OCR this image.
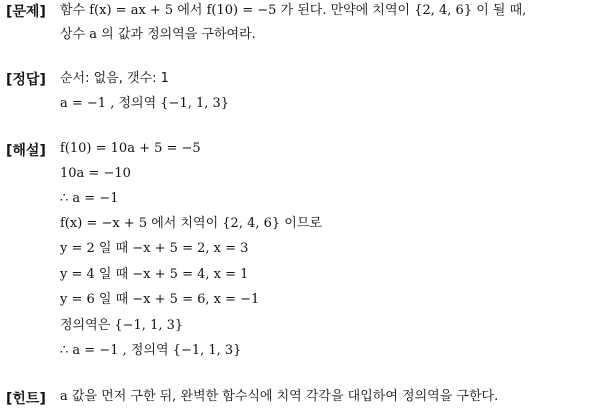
[문제] 함수 f(x) = ax + 5 에서 f(10) = −5 가 된다. 만약에 치역이 {2, 4, 6} 이 될 때,
상수 a 의 값과 정의역을 구하여라.
[정답] 순서: 없음, 갯수: 1
a = −1 , 정의역 {−1, 1, 3}
[해설] f(10) = 10a + 5 = −5
10a = −10
∴ a = −1
f(x) = −x + 5 에서 치역이 {2, 4, 6} 이므로
y = 2 일 때 −x + 5 = 2, x = 3
y = 4 일 때 −x + 5 = 4, x = 1
y = 6 일 때 −x + 5 = 6, x = −1
정의역은 {−1, 1, 3}
∴ a = −1 , 정의역 {−1, 1, 3}
[힌트] a 값을 먼저 구한 뒤, 완벽한 함수식에 치역 각각을 대입하여 정의역을 구한다.
